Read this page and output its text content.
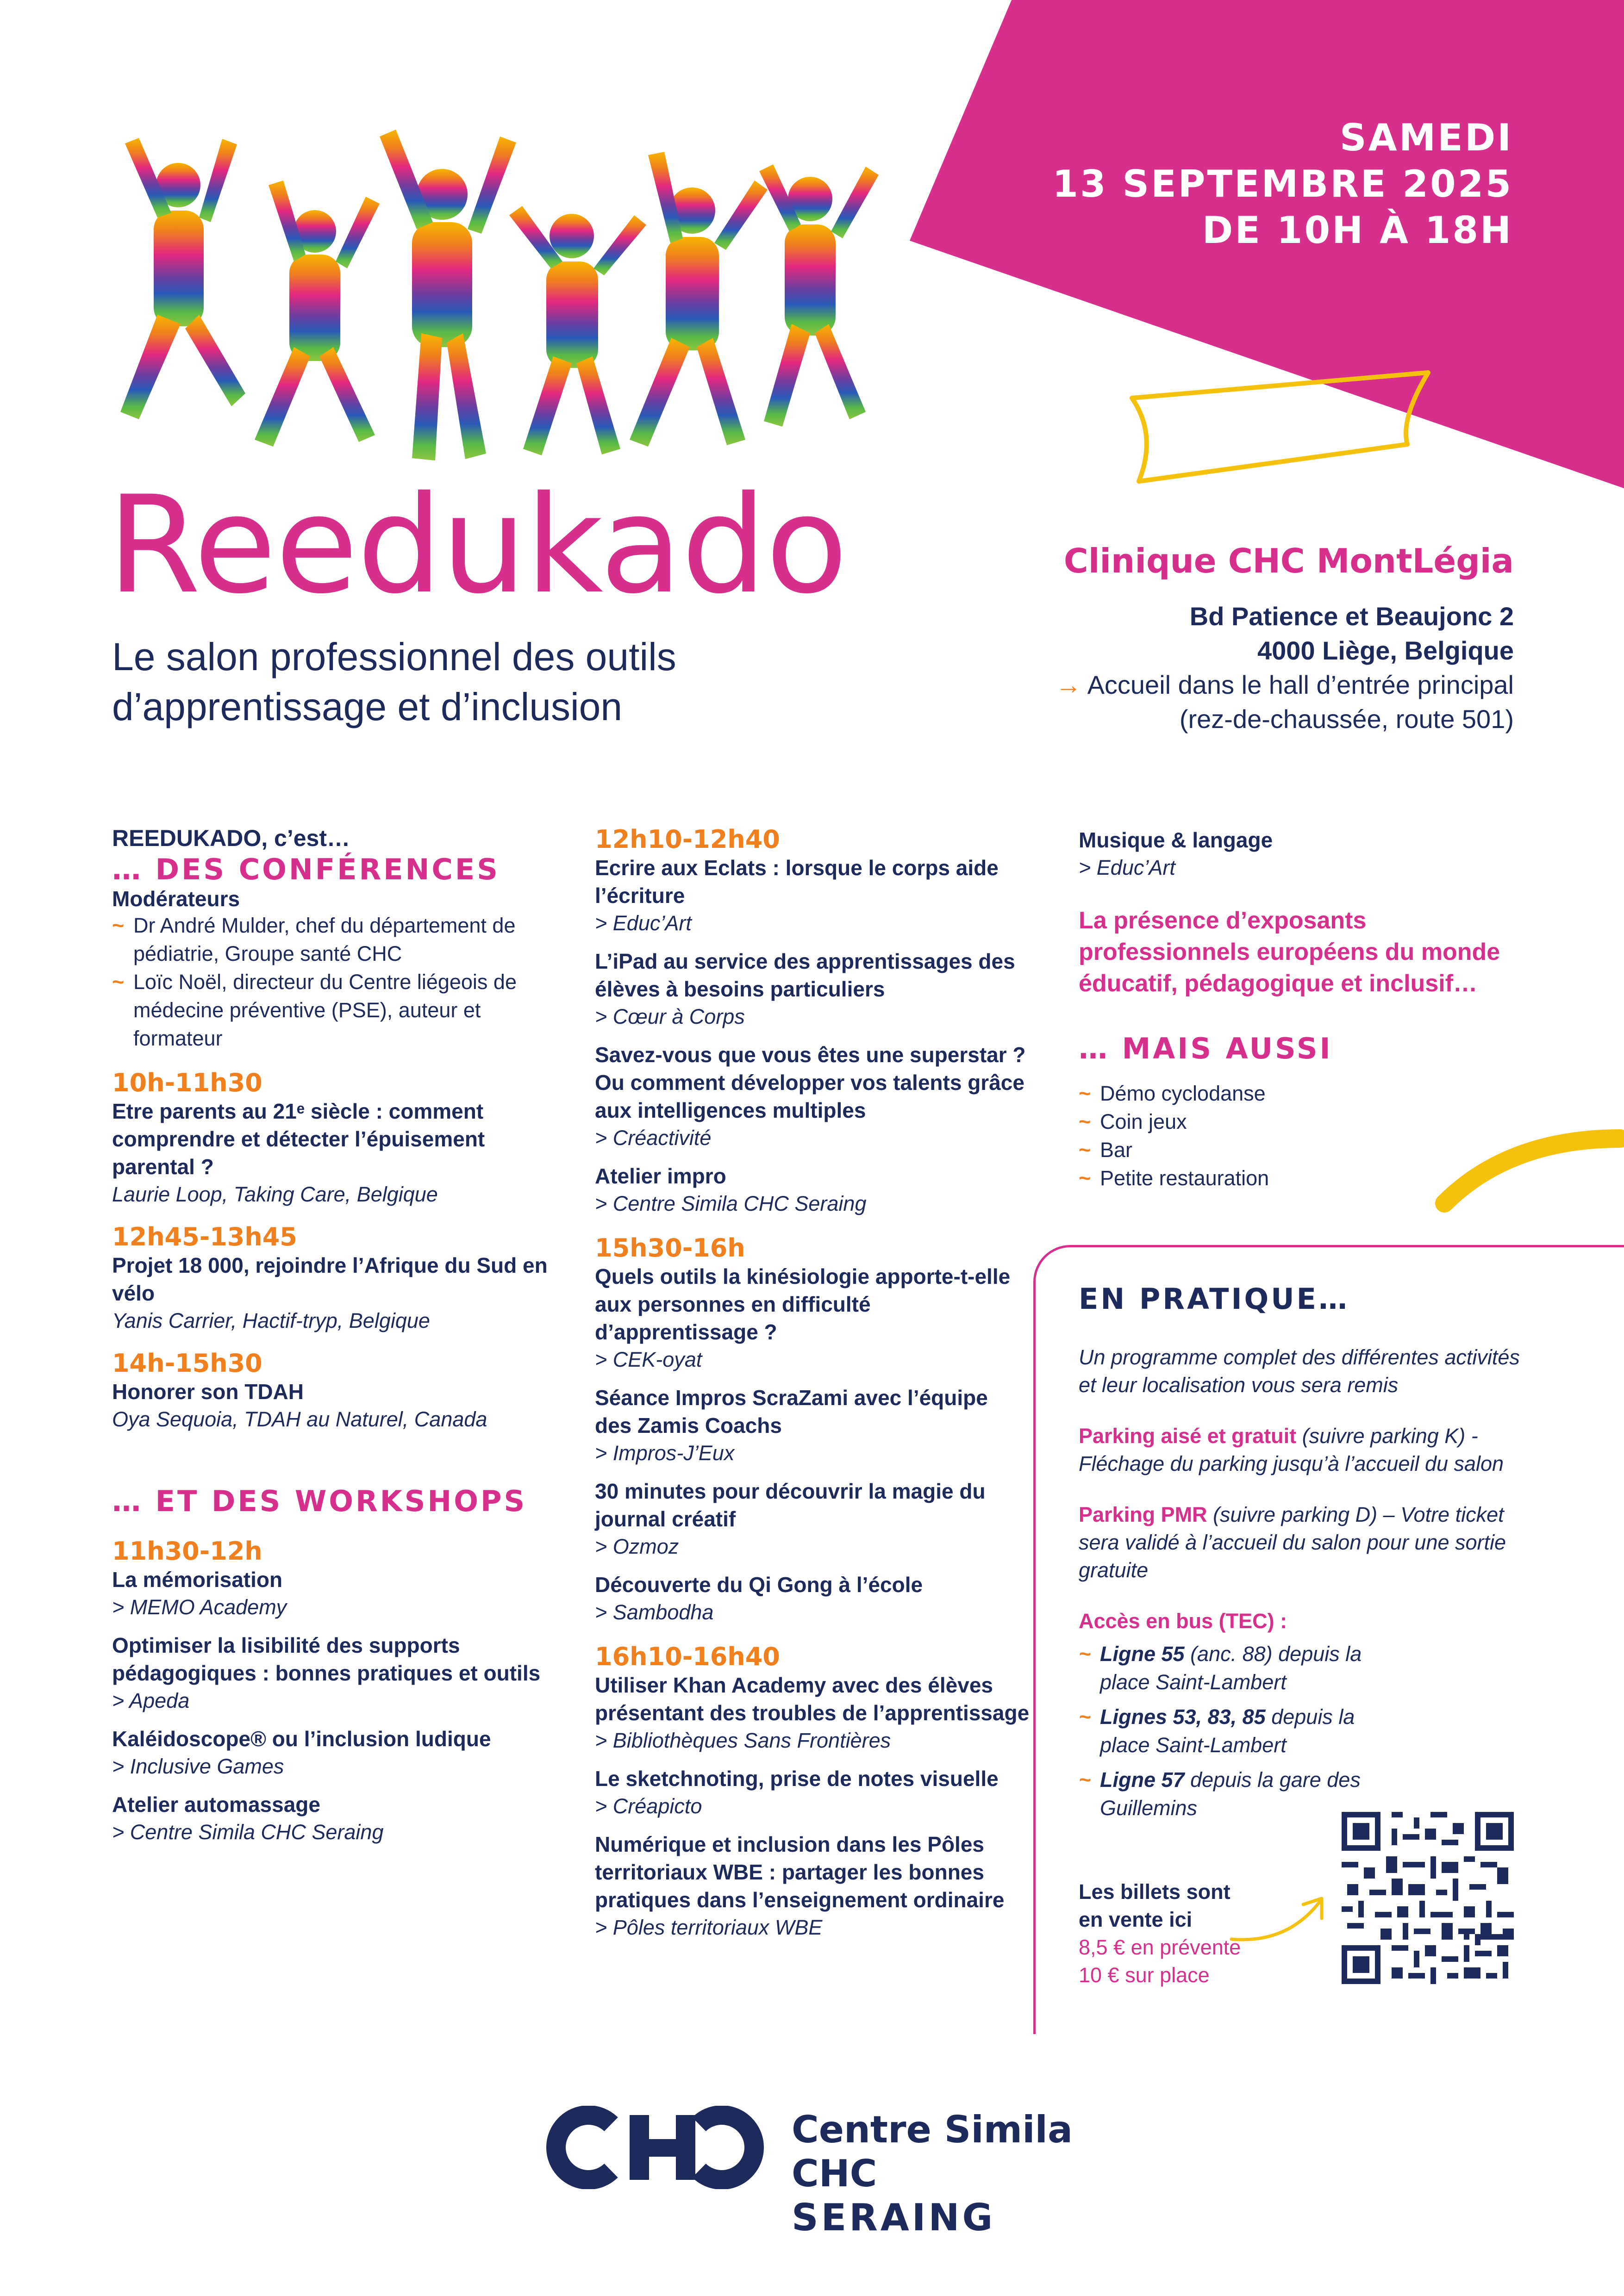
SAMEDI
13 SEPTEMBRE 2025
DE 10H À 18H
Reedukado
Le salon professionnel des outils
d’apprentissage et d’inclusion
Clinique CHC MontLégia
Bd Patience et Beaujonc 2
4000 Liège, Belgique
→ Accueil dans le hall d’entrée principal
(rez-de-chaussée, route 501)

REEDUKADO, c’est…

… DES CONFÉRENCES

Modérateurs

~ Dr André Mulder, chef du département de pédiatrie, Groupe santé CHC
~ Loïc Noël, directeur du Centre liégeois de médecine préventive (PSE), auteur et formateur

10h-11h30

Etre parents au 21ᵉ siècle : comment comprendre et détecter l’épuisement parental ?

Laurie Loop, Taking Care, Belgique

12h45-13h45

Projet 18 000, rejoindre l’Afrique du Sud en vélo

Yanis Carrier, Hactif-tryp, Belgique

14h-15h30

Honorer son TDAH

Oya Sequoia, TDAH au Naturel, Canada

… ET DES WORKSHOPS

11h30-12h

La mémorisation

> MEMO Academy

Optimiser la lisibilité des supports pédagogiques : bonnes pratiques et outils

> Apeda

Kaléidoscope® ou l’inclusion ludique

> Inclusive Games

Atelier automassage

> Centre Simila CHC Seraing

12h10-12h40

Ecrire aux Eclats : lorsque le corps aide l’écriture

> Educ’Art

L’iPad au service des apprentissages des élèves à besoins particuliers

> Cœur à Corps

Savez-vous que vous êtes une superstar ? Ou comment développer vos talents grâce aux intelligences multiples

> Créactivité

Atelier impro

> Centre Simila CHC Seraing

15h30-16h

Quels outils la kinésiologie apporte-t-elle aux personnes en difficulté d’apprentissage ?

> CEK-oyat

Séance Impros ScraZami avec l’équipe des Zamis Coachs

> Impros-J’Eux

30 minutes pour découvrir la magie du journal créatif

> Ozmoz

Découverte du Qi Gong à l’école

> Sambodha

16h10-16h40

Utiliser Khan Academy avec des élèves présentant des troubles de l’apprentissage

> Bibliothèques Sans Frontières

Le sketchnoting, prise de notes visuelle

> Créapicto

Numérique et inclusion dans les Pôles territoriaux WBE : partager les bonnes pratiques dans l’enseignement ordinaire

> Pôles territoriaux WBE

Musique & langage

> Educ’Art

La présence d’exposants professionnels européens du monde éducatif, pédagogique et inclusif…

… MAIS AUSSI

~ Démo cyclodanse
~ Coin jeux
~ Bar
~ Petite restauration

EN PRATIQUE…

Un programme complet des différentes activités et leur localisation vous sera remis

Parking aisé et gratuit (suivre parking K) - Fléchage du parking jusqu’à l’accueil du salon

Parking PMR (suivre parking D) – Votre ticket sera validé à l’accueil du salon pour une sortie gratuite

Accès en bus (TEC) :

~ Ligne 55 (anc. 88) depuis la place Saint-Lambert
~ Lignes 53, 83, 85 depuis la place Saint-Lambert
~ Ligne 57 depuis la gare des Guillemins

Les billets sont
en vente ici

8,5 € en prévente

10 € sur place

Centre Simila CHC
SERAING
